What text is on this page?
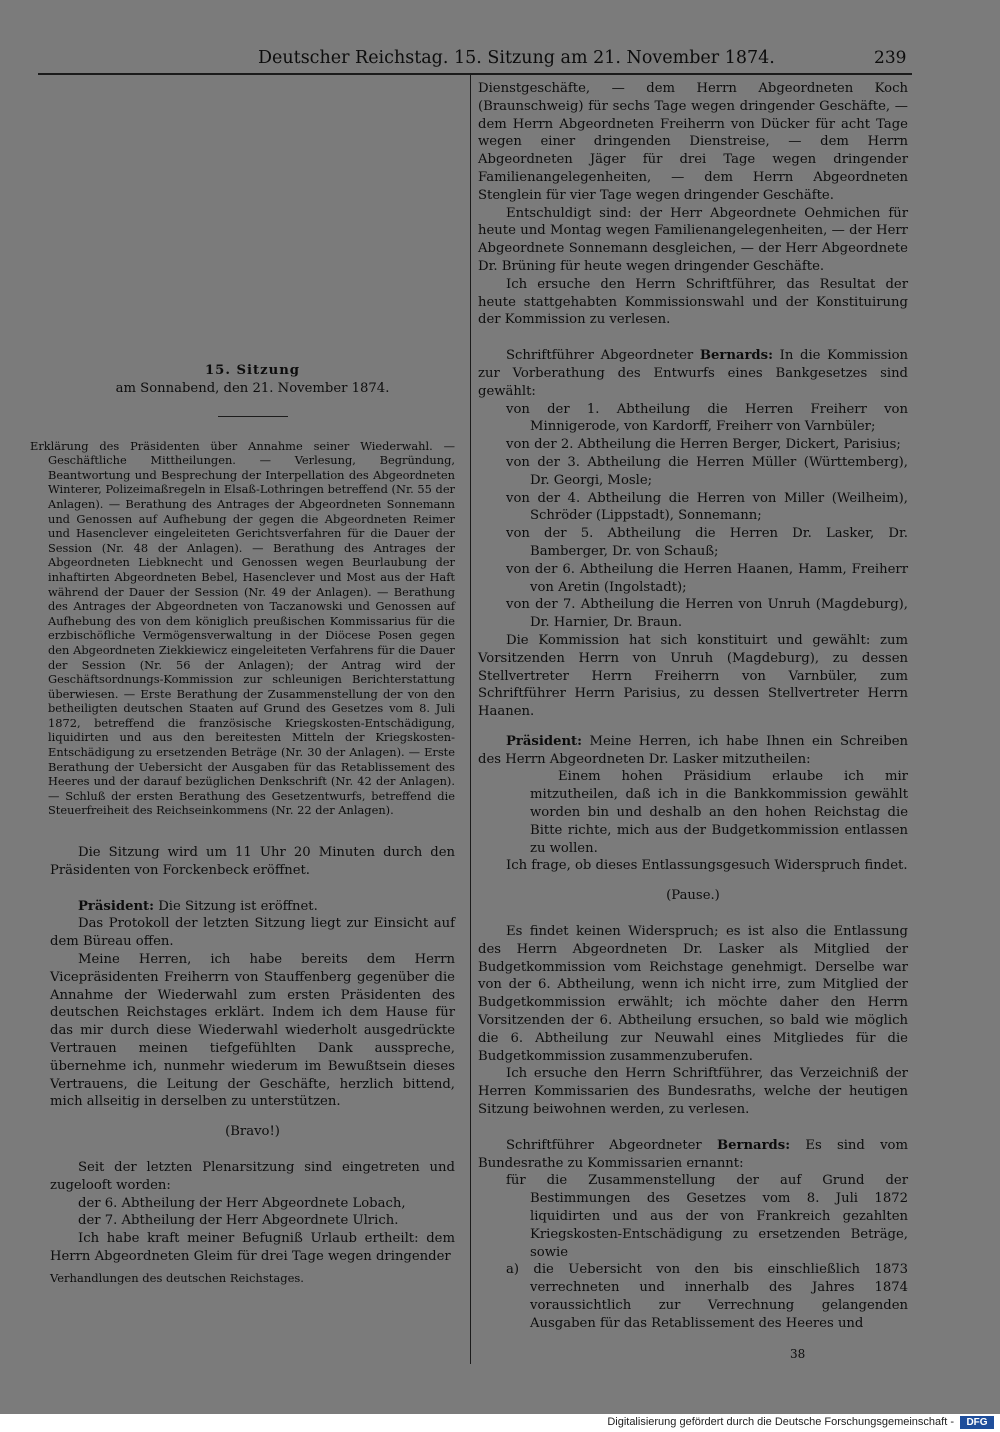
Deutscher Reichstag. 15. Sitzung am 21. November 1874.	239

15. Sitzung

am Sonnabend, den 21. November 1874.

Erklärung des Präsidenten über Annahme seiner Wiederwahl. — Geschäftliche Mittheilungen. — Verlesung, Begründung, Beantwortung und Besprechung der Interpellation des Abgeordneten Winterer, Polizeimaßregeln in Elsaß-Lothringen betreffend (Nr. 55 der Anlagen). — Berathung des Antrages der Abgeordneten Sonnemann und Genossen auf Aufhebung der gegen die Abgeordneten Reimer und Hasenclever eingeleiteten Gerichtsverfahren für die Dauer der Session (Nr. 48 der Anlagen). — Berathung des Antrages der Abgeordneten Liebknecht und Genossen wegen Beurlaubung der inhaftirten Abgeordneten Bebel, Hasenclever und Most aus der Haft während der Dauer der Session (Nr. 49 der Anlagen). — Berathung des Antrages der Abgeordneten von Taczanowski und Genossen auf Aufhebung des von dem königlich preußischen Kommissarius für die erzbischöfliche Vermögensverwaltung in der Diöcese Posen gegen den Abgeordneten Ziekkiewicz eingeleiteten Verfahrens für die Dauer der Session (Nr. 56 der Anlagen); der Antrag wird der Geschäftsordnungs-Kommission zur schleunigen Berichterstattung überwiesen. — Erste Berathung der Zusammenstellung der von den betheiligten deutschen Staaten auf Grund des Gesetzes vom 8. Juli 1872, betreffend die französische Kriegskosten-Entschädigung, liquidirten und aus den bereitesten Mitteln der Kriegskosten-Entschädigung zu ersetzenden Beträge (Nr. 30 der Anlagen). — Erste Berathung der Uebersicht der Ausgaben für das Retablissement des Heeres und der darauf bezüglichen Denkschrift (Nr. 42 der Anlagen). — Schluß der ersten Berathung des Gesetzentwurfs, betreffend die Steuerfreiheit des Reichseinkommens (Nr. 22 der Anlagen).

Die Sitzung wird um 11 Uhr 20 Minuten durch den Präsidenten von Forckenbeck eröffnet.

Präsident: Die Sitzung ist eröffnet.

Das Protokoll der letzten Sitzung liegt zur Einsicht auf dem Büreau offen.

Meine Herren, ich habe bereits dem Herrn Vicepräsidenten Freiherrn von Stauffenberg gegenüber die Annahme der Wiederwahl zum ersten Präsidenten des deutschen Reichstages erklärt. Indem ich dem Hause für das mir durch diese Wiederwahl wiederholt ausgedrückte Vertrauen meinen tiefgefühlten Dank ausspreche, übernehme ich, nunmehr wiederum im Bewußtsein dieses Vertrauens, die Leitung der Geschäfte, herzlich bittend, mich allseitig in derselben zu unterstützen.

(Bravo!)

Seit der letzten Plenarsitzung sind eingetreten und zugelooft worden:

der 6. Abtheilung der Herr Abgeordnete Lobach,

der 7. Abtheilung der Herr Abgeordnete Ulrich.

Ich habe kraft meiner Befugniß Urlaub ertheilt: dem Herrn Abgeordneten Gleim für drei Tage wegen dringender

Verhandlungen des deutschen Reichstages.

Dienstgeschäfte, — dem Herrn Abgeordneten Koch (Braunschweig) für sechs Tage wegen dringender Geschäfte, — dem Herrn Abgeordneten Freiherrn von Dücker für acht Tage wegen einer dringenden Dienstreise, — dem Herrn Abgeordneten Jäger für drei Tage wegen dringender Familienangelegenheiten, — dem Herrn Abgeordneten Stenglein für vier Tage wegen dringender Geschäfte.

Entschuldigt sind: der Herr Abgeordnete Oehmichen für heute und Montag wegen Familienangelegenheiten, — der Herr Abgeordnete Sonnemann desgleichen, — der Herr Abgeordnete Dr. Brüning für heute wegen dringender Geschäfte.

Ich ersuche den Herrn Schriftführer, das Resultat der heute stattgehabten Kommissionswahl und der Konstituirung der Kommission zu verlesen.

Schriftführer Abgeordneter Bernards: In die Kommission zur Vorberathung des Entwurfs eines Bankgesetzes sind gewählt:

von der 1. Abtheilung die Herren Freiherr von Minnigerode, von Kardorff, Freiherr von Varnbüler;

von der 2. Abtheilung die Herren Berger, Dickert, Parisius;

von der 3. Abtheilung die Herren Müller (Württemberg), Dr. Georgi, Mosle;

von der 4. Abtheilung die Herren von Miller (Weilheim), Schröder (Lippstadt), Sonnemann;

von der 5. Abtheilung die Herren Dr. Lasker, Dr. Bamberger, Dr. von Schauß;

von der 6. Abtheilung die Herren Haanen, Hamm, Freiherr von Aretin (Ingolstadt);

von der 7. Abtheilung die Herren von Unruh (Magdeburg), Dr. Harnier, Dr. Braun.

Die Kommission hat sich konstituirt und gewählt: zum Vorsitzenden Herrn von Unruh (Magdeburg), zu dessen Stellvertreter Herrn Freiherrn von Varnbüler, zum Schriftführer Herrn Parisius, zu dessen Stellvertreter Herrn Haanen.

Präsident: Meine Herren, ich habe Ihnen ein Schreiben des Herrn Abgeordneten Dr. Lasker mitzutheilen:

Einem hohen Präsidium erlaube ich mir mitzutheilen, daß ich in die Bankkommission gewählt worden bin und deshalb an den hohen Reichstag die Bitte richte, mich aus der Budgetkommission entlassen zu wollen.

Ich frage, ob dieses Entlassungsgesuch Widerspruch findet.

(Pause.)

Es findet keinen Widerspruch; es ist also die Entlassung des Herrn Abgeordneten Dr. Lasker als Mitglied der Budgetkommission vom Reichstage genehmigt. Derselbe war von der 6. Abtheilung, wenn ich nicht irre, zum Mitglied der Budgetkommission erwählt; ich möchte daher den Herrn Vorsitzenden der 6. Abtheilung ersuchen, so bald wie möglich die 6. Abtheilung zur Neuwahl eines Mitgliedes für die Budgetkommission zusammenzuberufen.

Ich ersuche den Herrn Schriftführer, das Verzeichniß der Herren Kommissarien des Bundesraths, welche der heutigen Sitzung beiwohnen werden, zu verlesen.

Schriftführer Abgeordneter Bernards: Es sind vom Bundesrathe zu Kommissarien ernannt:

für die Zusammenstellung der auf Grund der Bestimmungen des Gesetzes vom 8. Juli 1872 liquidirten und aus der von Frankreich gezahlten Kriegskosten-Entschädigung zu ersetzenden Beträge, sowie

a) die Uebersicht von den bis einschließlich 1873 verrechneten und innerhalb des Jahres 1874 voraussichtlich zur Verrechnung gelangenden Ausgaben für das Retablissement des Heeres und

38
Digitalisierung gefördert durch die Deutsche Forschungsgemeinschaft -	DFG
